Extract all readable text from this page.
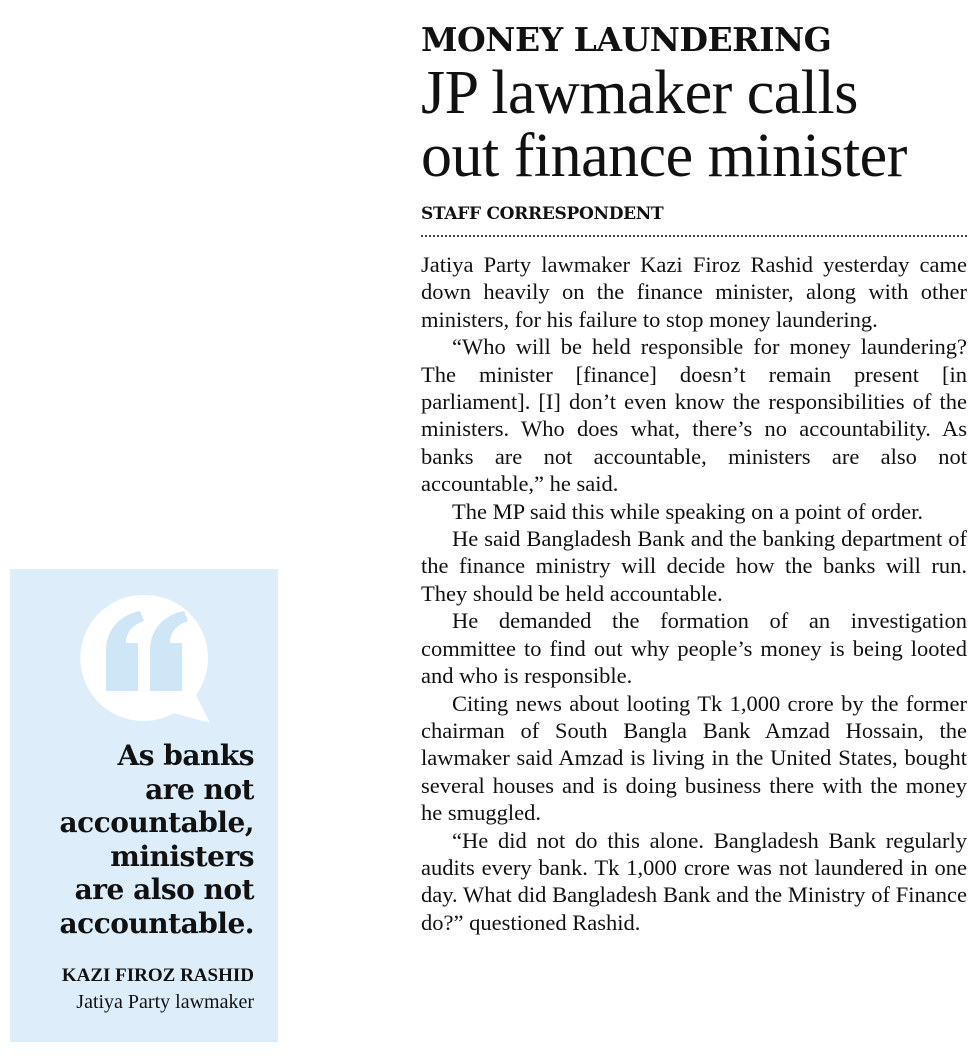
MONEY LAUNDERING
JP lawmaker calls
out finance minister
STAFF CORRESPONDENT

Jatiya Party lawmaker Kazi Firoz Rashid yesterday came down heavily on the finance minister, along with other ministers, for his failure to stop money laundering.

“Who will be held responsible for money laundering? The minister [finance] doesn’t remain present [in parliament]. [I] don’t even know the responsibilities of the ministers. Who does what, there’s no accountability. As banks are not accountable, ministers are also not accountable,” he said.

The MP said this while speaking on a point of order.

He said Bangladesh Bank and the banking department of the finance ministry will decide how the banks will run. They should be held accountable.

He demanded the formation of an investigation committee to find out why people’s money is being looted and who is responsible.

Citing news about looting Tk 1,000 crore by the former chairman of South Bangla Bank Amzad Hossain, the lawmaker said Amzad is living in the United States, bought several houses and is doing business there with the money he smuggled.

“He did not do this alone. Bangladesh Bank regularly audits every bank. Tk 1,000 crore was not laundered in one day. What did Bangladesh Bank and the Ministry of Finance do?” questioned Rashid.

As banks
are not
accountable,
ministers
are also not
accountable.
KAZI FIROZ RASHID
Jatiya Party lawmaker
